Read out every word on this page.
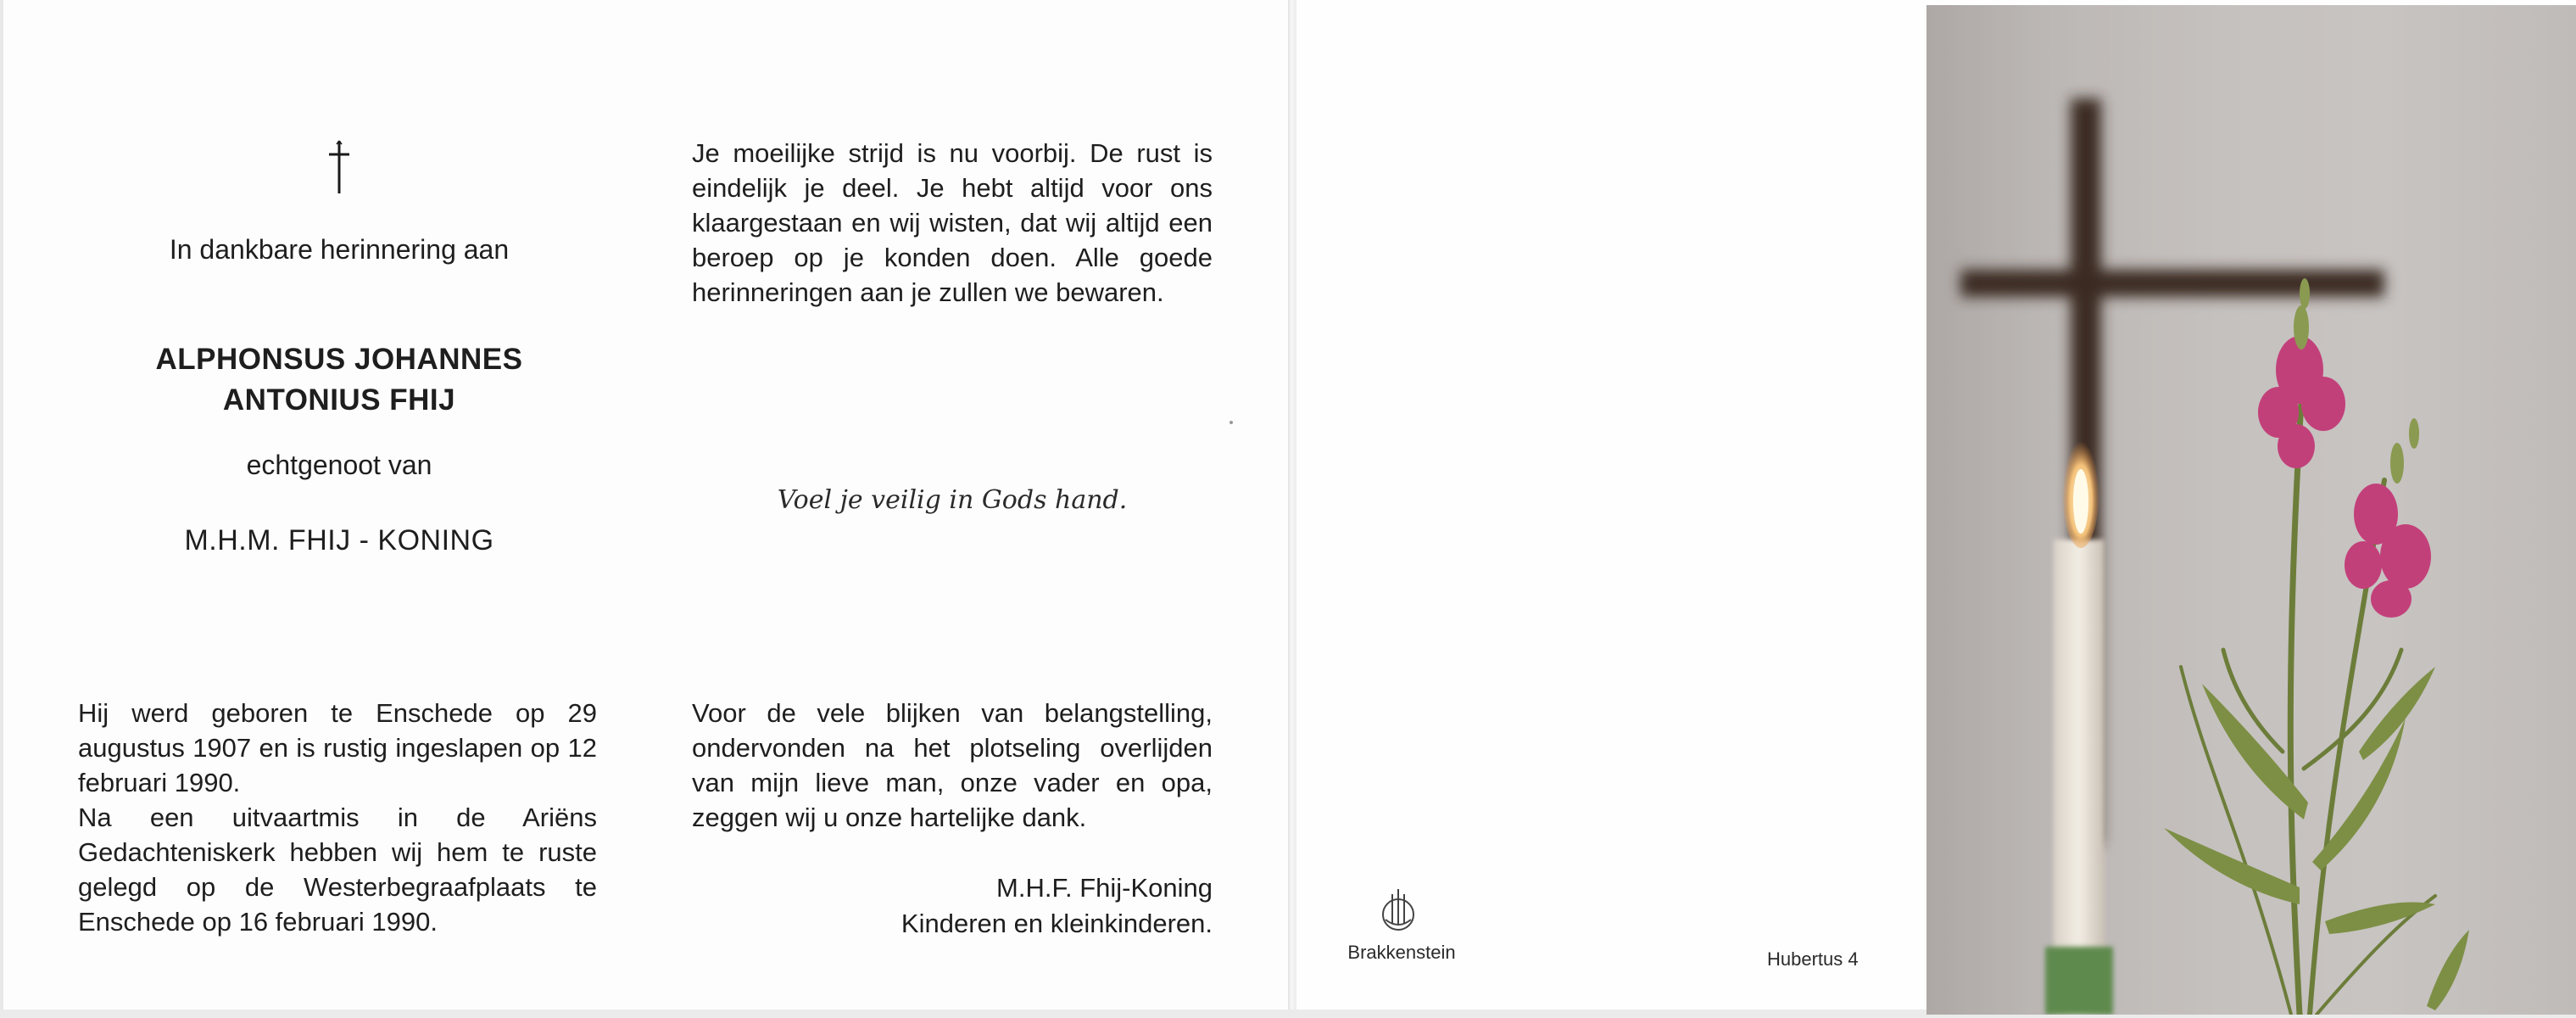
In dankbare herinnering aan
ALPHONSUS JOHANNES
ANTONIUS FHIJ
echtgenoot van
M.H.M. FHIJ - KONING

Hij werd geboren te Enschede op 29 augustus 1907 en is rustig ingeslapen op 12 februari 1990.

Na een uitvaartmis in de Ariëns Gedachteniskerk hebben wij hem te ruste gelegd op de Westerbegraafplaats te Enschede op 16 februari 1990.

Je moeilijke strijd is nu voorbij. De rust is eindelijk je deel. Je hebt altijd voor ons klaargestaan en wij wisten, dat wij altijd een beroep op je konden doen. Alle goede herinneringen aan je zullen we bewaren.
Voel je veilig in Gods hand.
Voor de vele blijken van belangstelling, ondervonden na het plotseling overlijden van mijn lieve man, onze vader en opa, zeggen wij u onze hartelijke dank.
M.H.F. Fhij-Koning
Kinderen en kleinkinderen.
Brakkenstein	Hubertus 4
